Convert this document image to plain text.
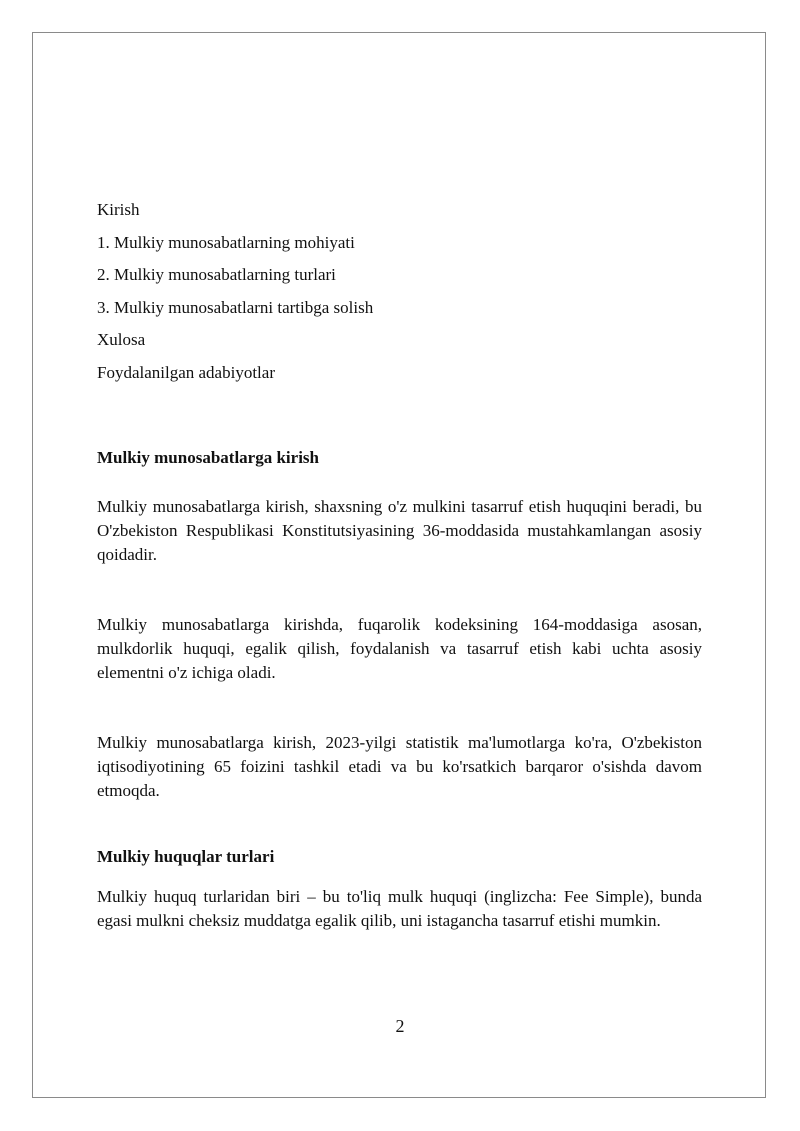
Kirish

1. Mulkiy munosabatlarning mohiyati

2. Mulkiy munosabatlarning turlari

3. Mulkiy munosabatlarni tartibga solish

Xulosa

Foydalanilgan adabiyotlar

Mulkiy munosabatlarga kirish

Mulkiy munosabatlarga kirish, shaxsning o'z mulkini tasarruf etish huquqini beradi, bu O'zbekiston Respublikasi Konstitutsiyasining 36-moddasida mustahkamlangan asosiy qoidadir.

Mulkiy munosabatlarga kirishda, fuqarolik kodeksining 164-moddasiga asosan, mulkdorlik huquqi, egalik qilish, foydalanish va tasarruf etish kabi uchta asosiy elementni o'z ichiga oladi.

Mulkiy munosabatlarga kirish, 2023-yilgi statistik ma'lumotlarga ko'ra, O'zbekiston iqtisodiyotining 65 foizini tashkil etadi va bu ko'rsatkich barqaror o'sishda davom etmoqda.

Mulkiy huquqlar turlari

Mulkiy huquq turlaridan biri – bu to'liq mulk huquqi (inglizcha: Fee Simple), bunda egasi mulkni cheksiz muddatga egalik qilib, uni istagancha tasarruf etishi mumkin.

2
